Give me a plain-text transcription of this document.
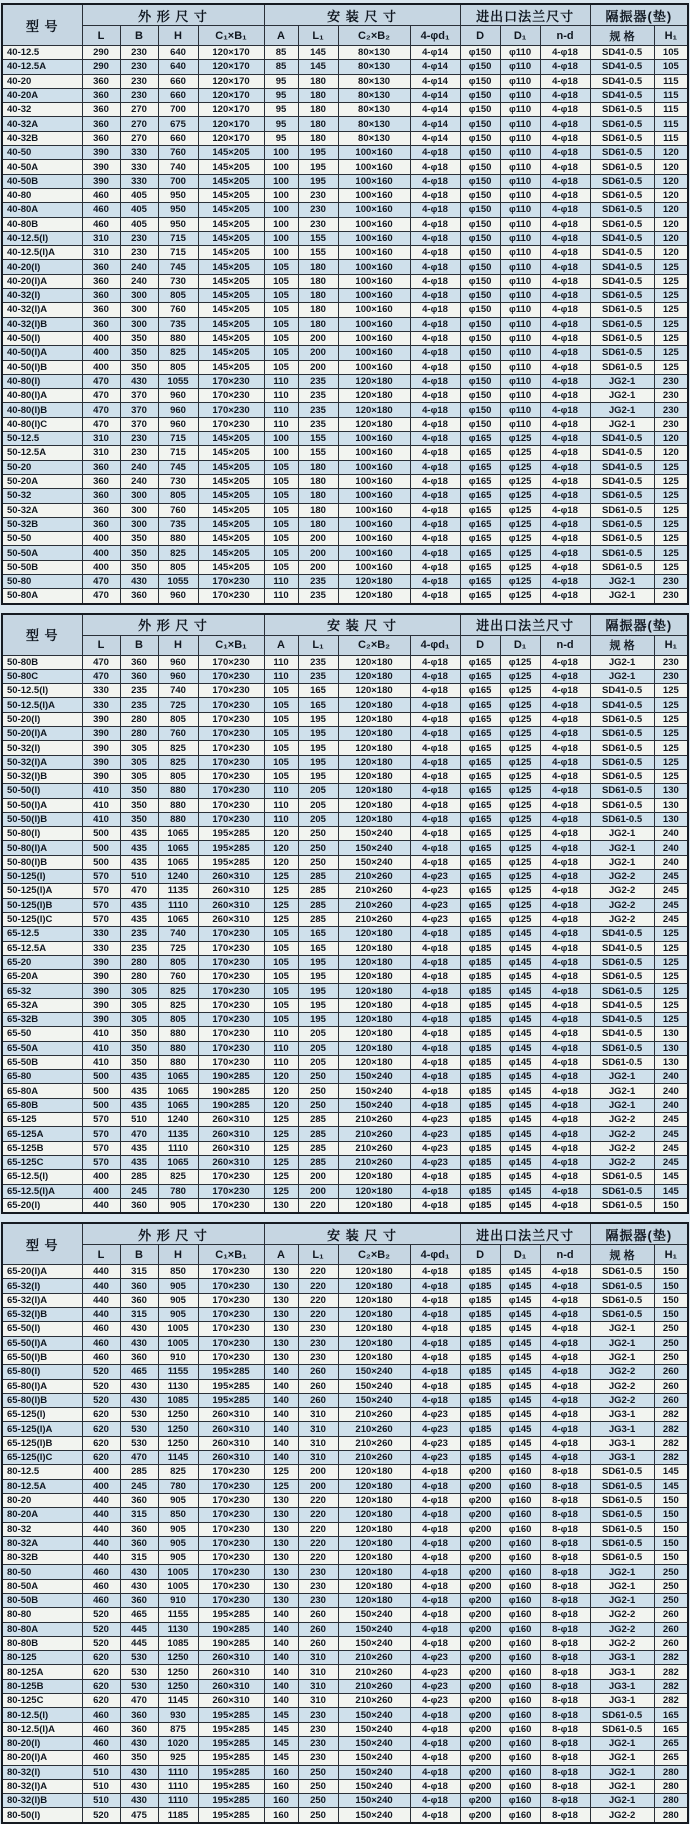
型 号	外 形 尺 寸				安 装 尺 寸				进出口法兰尺寸			隔振器(垫)	
	L	B	H	C₁×B₁	A	L₁	C₂×B₂	4-φd₁	D	D₁	n-d	规 格	H₁
40-12.5	290	230	640	120×170	85	145	80×130	4-φ14	φ150	φ110	4-φ18	SD41-0.5	105
40-12.5A	290	230	640	120×170	85	145	80×130	4-φ14	φ150	φ110	4-φ18	SD41-0.5	105
40-20	360	230	660	120×170	95	180	80×130	4-φ14	φ150	φ110	4-φ18	SD41-0.5	115
40-20A	360	230	660	120×170	95	180	80×130	4-φ14	φ150	φ110	4-φ18	SD41-0.5	115
40-32	360	270	700	120×170	95	180	80×130	4-φ14	φ150	φ110	4-φ18	SD61-0.5	115
40-32A	360	270	675	120×170	95	180	80×130	4-φ14	φ150	φ110	4-φ18	SD61-0.5	115
40-32B	360	270	660	120×170	95	180	80×130	4-φ14	φ150	φ110	4-φ18	SD61-0.5	115
40-50	390	330	760	145×205	100	195	100×160	4-φ18	φ150	φ110	4-φ18	SD61-0.5	120
40-50A	390	330	740	145×205	100	195	100×160	4-φ18	φ150	φ110	4-φ18	SD61-0.5	120
40-50B	390	330	700	145×205	100	195	100×160	4-φ18	φ150	φ110	4-φ18	SD61-0.5	120
40-80	460	405	950	145×205	100	230	100×160	4-φ18	φ150	φ110	4-φ18	SD61-0.5	120
40-80A	460	405	950	145×205	100	230	100×160	4-φ18	φ150	φ110	4-φ18	SD61-0.5	120
40-80B	460	405	950	145×205	100	230	100×160	4-φ18	φ150	φ110	4-φ18	SD61-0.5	120
40-12.5(I)	310	230	715	145×205	100	155	100×160	4-φ18	φ150	φ110	4-φ18	SD41-0.5	120
40-12.5(I)A	310	230	715	145×205	100	155	100×160	4-φ18	φ150	φ110	4-φ18	SD41-0.5	120
40-20(I)	360	240	745	145×205	105	180	100×160	4-φ18	φ150	φ110	4-φ18	SD41-0.5	125
40-20(I)A	360	240	730	145×205	105	180	100×160	4-φ18	φ150	φ110	4-φ18	SD41-0.5	125
40-32(I)	360	300	805	145×205	105	180	100×160	4-φ18	φ150	φ110	4-φ18	SD61-0.5	125
40-32(I)A	360	300	760	145×205	105	180	100×160	4-φ18	φ150	φ110	4-φ18	SD61-0.5	125
40-32(I)B	360	300	735	145×205	105	180	100×160	4-φ18	φ150	φ110	4-φ18	SD61-0.5	125
40-50(I)	400	350	880	145×205	105	200	100×160	4-φ18	φ150	φ110	4-φ18	SD61-0.5	125
40-50(I)A	400	350	825	145×205	105	200	100×160	4-φ18	φ150	φ110	4-φ18	SD61-0.5	125
40-50(I)B	400	350	805	145×205	105	200	100×160	4-φ18	φ150	φ110	4-φ18	SD61-0.5	125
40-80(I)	470	430	1055	170×230	110	235	120×180	4-φ18	φ150	φ110	4-φ18	JG2-1	230
40-80(I)A	470	370	960	170×230	110	235	120×180	4-φ18	φ150	φ110	4-φ18	JG2-1	230
40-80(I)B	470	370	960	170×230	110	235	120×180	4-φ18	φ150	φ110	4-φ18	JG2-1	230
40-80(I)C	470	370	960	170×230	110	235	120×180	4-φ18	φ150	φ110	4-φ18	JG2-1	230
50-12.5	310	230	715	145×205	100	155	100×160	4-φ18	φ165	φ125	4-φ18	SD41-0.5	120
50-12.5A	310	230	715	145×205	100	155	100×160	4-φ18	φ165	φ125	4-φ18	SD41-0.5	120
50-20	360	240	745	145×205	105	180	100×160	4-φ18	φ165	φ125	4-φ18	SD41-0.5	125
50-20A	360	240	730	145×205	105	180	100×160	4-φ18	φ165	φ125	4-φ18	SD41-0.5	125
50-32	360	300	805	145×205	105	180	100×160	4-φ18	φ165	φ125	4-φ18	SD61-0.5	125
50-32A	360	300	760	145×205	105	180	100×160	4-φ18	φ165	φ125	4-φ18	SD61-0.5	125
50-32B	360	300	735	145×205	105	180	100×160	4-φ18	φ165	φ125	4-φ18	SD61-0.5	125
50-50	400	350	880	145×205	105	200	100×160	4-φ18	φ165	φ125	4-φ18	SD61-0.5	125
50-50A	400	350	825	145×205	105	200	100×160	4-φ18	φ165	φ125	4-φ18	SD61-0.5	125
50-50B	400	350	805	145×205	105	200	100×160	4-φ18	φ165	φ125	4-φ18	SD61-0.5	125
50-80	470	430	1055	170×230	110	235	120×180	4-φ18	φ165	φ125	4-φ18	JG2-1	230
50-80A	470	360	960	170×230	110	235	120×180	4-φ18	φ165	φ125	4-φ18	JG2-1	230
型 号	外 形 尺 寸				安 装 尺 寸				进出口法兰尺寸			隔振器(垫)	
	L	B	H	C₁×B₁	A	L₁	C₂×B₂	4-φd₁	D	D₁	n-d	规 格	H₁
50-80B	470	360	960	170×230	110	235	120×180	4-φ18	φ165	φ125	4-φ18	JG2-1	230
50-80C	470	360	960	170×230	110	235	120×180	4-φ18	φ165	φ125	4-φ18	JG2-1	230
50-12.5(I)	330	235	740	170×230	105	165	120×180	4-φ18	φ165	φ125	4-φ18	SD41-0.5	125
50-12.5(I)A	330	235	725	170×230	105	165	120×180	4-φ18	φ165	φ125	4-φ18	SD41-0.5	125
50-20(I)	390	280	805	170×230	105	195	120×180	4-φ18	φ165	φ125	4-φ18	SD61-0.5	125
50-20(I)A	390	280	760	170×230	105	195	120×180	4-φ18	φ165	φ125	4-φ18	SD61-0.5	125
50-32(I)	390	305	825	170×230	105	195	120×180	4-φ18	φ165	φ125	4-φ18	SD61-0.5	125
50-32(I)A	390	305	825	170×230	105	195	120×180	4-φ18	φ165	φ125	4-φ18	SD61-0.5	125
50-32(I)B	390	305	805	170×230	105	195	120×180	4-φ18	φ165	φ125	4-φ18	SD61-0.5	125
50-50(I)	410	350	880	170×230	110	205	120×180	4-φ18	φ165	φ125	4-φ18	SD61-0.5	130
50-50(I)A	410	350	880	170×230	110	205	120×180	4-φ18	φ165	φ125	4-φ18	SD61-0.5	130
50-50(I)B	410	350	880	170×230	110	205	120×180	4-φ18	φ165	φ125	4-φ18	SD61-0.5	130
50-80(I)	500	435	1065	195×285	120	250	150×240	4-φ18	φ165	φ125	4-φ18	JG2-1	240
50-80(I)A	500	435	1065	195×285	120	250	150×240	4-φ18	φ165	φ125	4-φ18	JG2-1	240
50-80(I)B	500	435	1065	195×285	120	250	150×240	4-φ18	φ165	φ125	4-φ18	JG2-1	240
50-125(I)	570	510	1240	260×310	125	285	210×260	4-φ23	φ165	φ125	4-φ18	JG2-2	245
50-125(I)A	570	470	1135	260×310	125	285	210×260	4-φ23	φ165	φ125	4-φ18	JG2-2	245
50-125(I)B	570	435	1110	260×310	125	285	210×260	4-φ23	φ165	φ125	4-φ18	JG2-2	245
50-125(I)C	570	435	1065	260×310	125	285	210×260	4-φ23	φ165	φ125	4-φ18	JG2-2	245
65-12.5	330	235	740	170×230	105	165	120×180	4-φ18	φ185	φ145	4-φ18	SD41-0.5	125
65-12.5A	330	235	725	170×230	105	165	120×180	4-φ18	φ185	φ145	4-φ18	SD41-0.5	125
65-20	390	280	805	170×230	105	195	120×180	4-φ18	φ185	φ145	4-φ18	SD61-0.5	125
65-20A	390	280	760	170×230	105	195	120×180	4-φ18	φ185	φ145	4-φ18	SD61-0.5	125
65-32	390	305	825	170×230	105	195	120×180	4-φ18	φ185	φ145	4-φ18	SD61-0.5	125
65-32A	390	305	825	170×230	105	195	120×180	4-φ18	φ185	φ145	4-φ18	SD41-0.5	125
65-32B	390	305	805	170×230	105	195	120×180	4-φ18	φ185	φ145	4-φ18	SD41-0.5	125
65-50	410	350	880	170×230	110	205	120×180	4-φ18	φ185	φ145	4-φ18	SD41-0.5	130
65-50A	410	350	880	170×230	110	205	120×180	4-φ18	φ185	φ145	4-φ18	SD61-0.5	130
65-50B	410	350	880	170×230	110	205	120×180	4-φ18	φ185	φ145	4-φ18	SD61-0.5	130
65-80	500	435	1065	190×285	120	250	150×240	4-φ18	φ185	φ145	4-φ18	JG2-1	240
65-80A	500	435	1065	190×285	120	250	150×240	4-φ18	φ185	φ145	4-φ18	JG2-1	240
65-80B	500	435	1065	190×285	120	250	150×240	4-φ18	φ185	φ145	4-φ18	JG2-1	240
65-125	570	510	1240	260×310	125	285	210×260	4-φ23	φ185	φ145	4-φ18	JG2-2	245
65-125A	570	470	1135	260×310	125	285	210×260	4-φ23	φ185	φ145	4-φ18	JG2-2	245
65-125B	570	435	1110	260×310	125	285	210×260	4-φ23	φ185	φ145	4-φ18	JG2-2	245
65-125C	570	435	1065	260×310	125	285	210×260	4-φ23	φ185	φ145	4-φ18	JG2-2	245
65-12.5(I)	400	285	825	170×230	125	200	120×180	4-φ18	φ185	φ145	4-φ18	SD61-0.5	145
65-12.5(I)A	400	245	780	170×230	125	200	120×180	4-φ18	φ185	φ145	4-φ18	SD61-0.5	145
65-20(I)	440	360	905	170×230	130	220	120×180	4-φ18	φ185	φ145	4-φ18	SD61-0.5	150
型 号	外 形 尺 寸				安 装 尺 寸				进出口法兰尺寸			隔振器(垫)	
	L	B	H	C₁×B₁	A	L₁	C₂×B₂	4-φd₁	D	D₁	n-d	规 格	H₁
65-20(I)A	440	315	850	170×230	130	220	120×180	4-φ18	φ185	φ145	4-φ18	SD61-0.5	150
65-32(I)	440	360	905	170×230	130	220	120×180	4-φ18	φ185	φ145	4-φ18	SD61-0.5	150
65-32(I)A	440	360	905	170×230	130	220	120×180	4-φ18	φ185	φ145	4-φ18	SD61-0.5	150
65-32(I)B	440	315	905	170×230	130	220	120×180	4-φ18	φ185	φ145	4-φ18	SD61-0.5	150
65-50(I)	460	430	1005	170×230	130	230	120×180	4-φ18	φ185	φ145	4-φ18	JG2-1	250
65-50(I)A	460	430	1005	170×230	130	230	120×180	4-φ18	φ185	φ145	4-φ18	JG2-1	250
65-50(I)B	460	360	910	170×230	130	230	120×180	4-φ18	φ185	φ145	4-φ18	JG2-1	250
65-80(I)	520	465	1155	195×285	140	260	150×240	4-φ18	φ185	φ145	4-φ18	JG2-2	260
65-80(I)A	520	430	1130	195×285	140	260	150×240	4-φ18	φ185	φ145	4-φ18	JG2-2	260
65-80(I)B	520	430	1085	195×285	140	260	150×240	4-φ18	φ185	φ145	4-φ18	JG2-2	260
65-125(I)	620	530	1250	260×310	140	310	210×260	4-φ23	φ185	φ145	4-φ18	JG3-1	282
65-125(I)A	620	530	1250	260×310	140	310	210×260	4-φ23	φ185	φ145	4-φ18	JG3-1	282
65-125(I)B	620	530	1250	260×310	140	310	210×260	4-φ23	φ185	φ145	4-φ18	JG3-1	282
65-125(I)C	620	470	1145	260×310	140	310	210×260	4-φ23	φ185	φ145	4-φ18	JG3-1	282
80-12.5	400	285	825	170×230	125	200	120×180	4-φ18	φ200	φ160	8-φ18	SD61-0.5	145
80-12.5A	400	245	780	170×230	125	200	120×180	4-φ18	φ200	φ160	8-φ18	SD61-0.5	145
80-20	440	360	905	170×230	130	220	120×180	4-φ18	φ200	φ160	8-φ18	SD61-0.5	150
80-20A	440	315	850	170×230	130	220	120×180	4-φ18	φ200	φ160	8-φ18	SD61-0.5	150
80-32	440	360	905	170×230	130	220	120×180	4-φ18	φ200	φ160	8-φ18	SD61-0.5	150
80-32A	440	360	905	170×230	130	220	120×180	4-φ18	φ200	φ160	8-φ18	SD61-0.5	150
80-32B	440	315	905	170×230	130	220	120×180	4-φ18	φ200	φ160	8-φ18	SD61-0.5	150
80-50	460	430	1005	170×230	130	230	120×180	4-φ18	φ200	φ160	8-φ18	JG2-1	250
80-50A	460	430	1005	170×230	130	230	120×180	4-φ18	φ200	φ160	8-φ18	JG2-1	250
80-50B	460	360	910	170×230	130	230	120×180	4-φ18	φ200	φ160	8-φ18	JG2-1	250
80-80	520	465	1155	195×285	140	260	150×240	4-φ18	φ200	φ160	8-φ18	JG2-2	260
80-80A	520	445	1130	190×285	140	260	150×240	4-φ18	φ200	φ160	8-φ18	JG2-2	260
80-80B	520	445	1085	190×285	140	260	150×240	4-φ18	φ200	φ160	8-φ18	JG2-2	260
80-125	620	530	1250	260×310	140	310	210×260	4-φ23	φ200	φ160	8-φ18	JG3-1	282
80-125A	620	530	1250	260×310	140	310	210×260	4-φ23	φ200	φ160	8-φ18	JG3-1	282
80-125B	620	530	1250	260×310	140	310	210×260	4-φ23	φ200	φ160	8-φ18	JG3-1	282
80-125C	620	470	1145	260×310	140	310	210×260	4-φ23	φ200	φ160	8-φ18	JG3-1	282
80-12.5(I)	460	360	930	195×285	145	230	150×240	4-φ18	φ200	φ160	8-φ18	SD61-0.5	165
80-12.5(I)A	460	360	875	195×285	145	230	150×240	4-φ18	φ200	φ160	8-φ18	SD61-0.5	165
80-20(I)	460	430	1020	195×285	145	230	150×240	4-φ18	φ200	φ160	8-φ18	JG2-1	265
80-20(I)A	460	350	925	195×285	145	230	150×240	4-φ18	φ200	φ160	8-φ18	JG2-1	265
80-32(I)	510	430	1110	195×285	160	250	150×240	4-φ18	φ200	φ160	8-φ18	JG2-1	280
80-32(I)A	510	430	1110	195×285	160	250	150×240	4-φ18	φ200	φ160	8-φ18	JG2-1	280
80-32(I)B	510	430	1110	195×285	160	250	150×240	4-φ18	φ200	φ160	8-φ18	JG2-1	280
80-50(I)	520	475	1185	195×285	160	250	150×240	4-φ18	φ200	φ160	8-φ18	JG2-2	280
